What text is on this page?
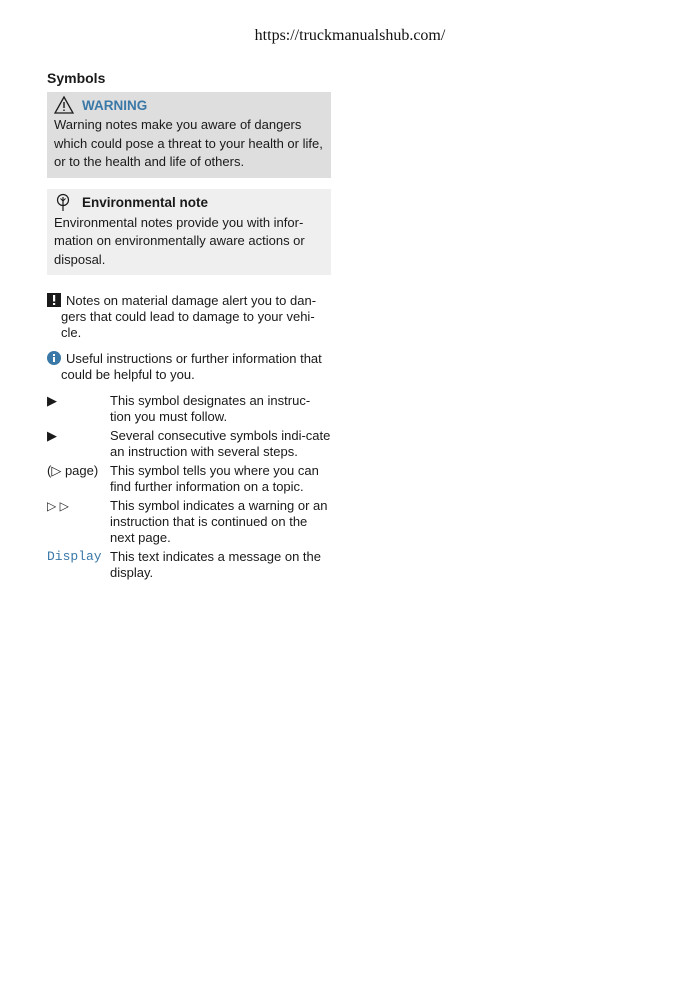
https://truckmanualshub.com/
Symbols
WARNING
Warning notes make you aware of dangers which could pose a threat to your health or life, or to the health and life of others.
Environmental note
Environmental notes provide you with infor-mation on environmentally aware actions or disposal.
Notes on material damage alert you to dan-gers that could lead to damage to your vehi-cle.
Useful instructions or further information that could be helpful to you.
▶	This symbol designates an instruc-tion you must follow.
▶	Several consecutive symbols indi-cate an instruction with several steps.
(▷ page) This symbol tells you where you can find further information on a topic.
▷ ▷	This symbol indicates a warning or an instruction that is continued on the next page.
Display This text indicates a message on the display.
